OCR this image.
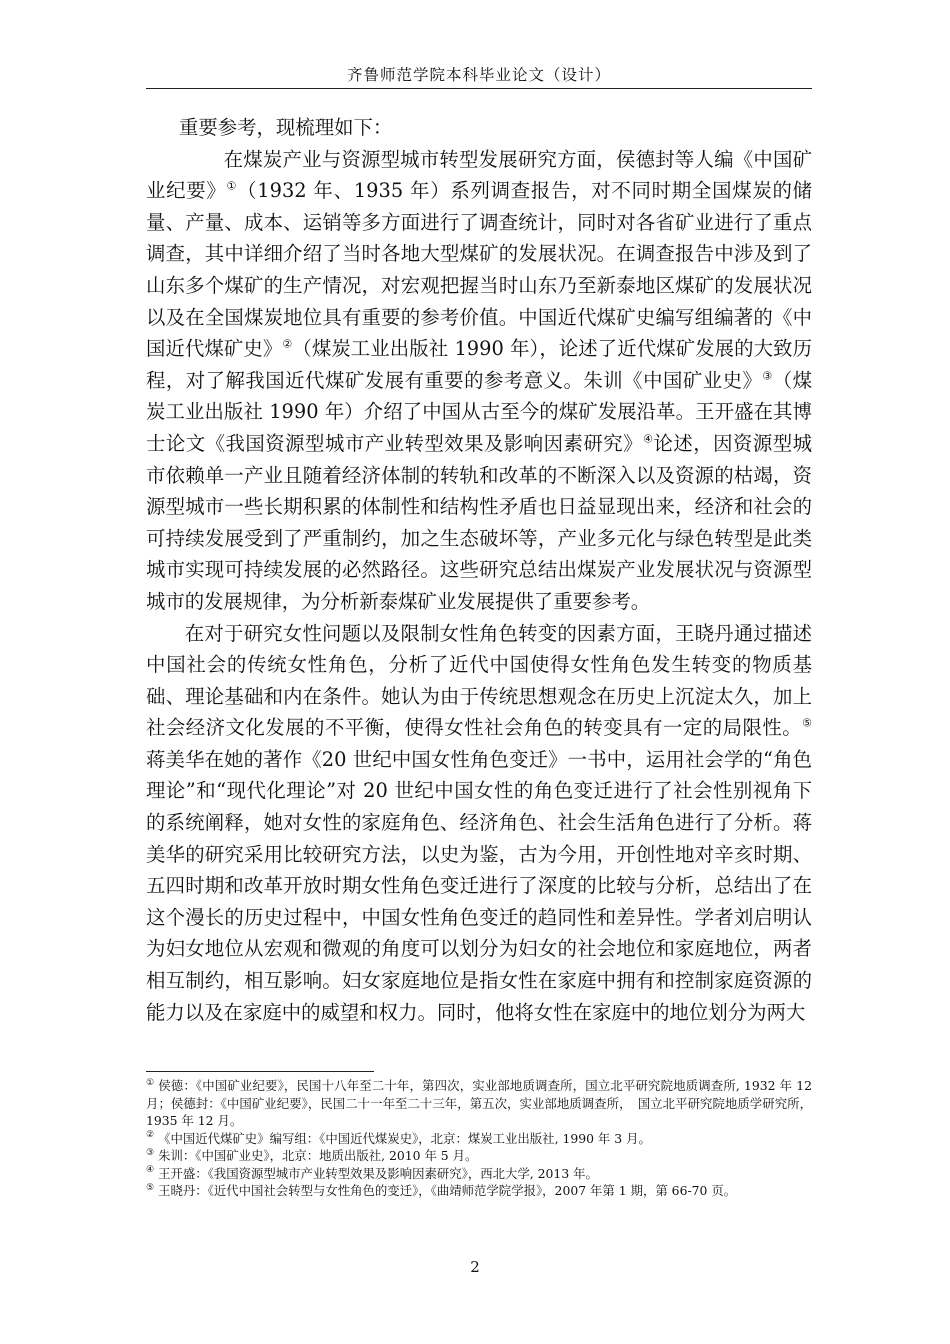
齐鲁师范学院本科毕业论文（设计）

重要参考，现梳理如下：

在煤炭产业与资源型城市转型发展研究方面，侯德封等人编《中国矿业纪要》①（1932 年、1935 年）系列调查报告，对不同时期全国煤炭的储量、产量、成本、运销等多方面进行了调查统计，同时对各省矿业进行了重点调查，其中详细介绍了当时各地大型煤矿的发展状况。在调查报告中涉及到了山东多个煤矿的生产情况，对宏观把握当时山东乃至新泰地区煤矿的发展状况以及在全国煤炭地位具有重要的参考价值。中国近代煤矿史编写组编著的《中国近代煤矿史》②（煤炭工业出版社 1990 年），论述了近代煤矿发展的大致历程，对了解我国近代煤矿发展有重要的参考意义。朱训《中国矿业史》③（煤炭工业出版社 1990 年）介绍了中国从古至今的煤矿发展沿革。王开盛在其博士论文《我国资源型城市产业转型效果及影响因素研究》④论述，因资源型城市依赖单一产业且随着经济体制的转轨和改革的不断深入以及资源的枯竭，资源型城市一些长期积累的体制性和结构性矛盾也日益显现出来，经济和社会的可持续发展受到了严重制约，加之生态破坏等，产业多元化与绿色转型是此类城市实现可持续发展的必然路径。这些研究总结出煤炭产业发展状况与资源型城市的发展规律，为分析新泰煤矿业发展提供了重要参考。

在对于研究女性问题以及限制女性角色转变的因素方面，王晓丹通过描述中国社会的传统女性角色，分析了近代中国使得女性角色发生转变的物质基础、理论基础和内在条件。她认为由于传统思想观念在历史上沉淀太久，加上社会经济文化发展的不平衡，使得女性社会角色的转变具有一定的局限性。⑤蒋美华在她的著作《20 世纪中国女性角色变迁》一书中，运用社会学的“角色理论”和“现代化理论”对 20 世纪中国女性的角色变迁进行了社会性别视角下的系统阐释，她对女性的家庭角色、经济角色、社会生活角色进行了分析。蒋美华的研究采用比较研究方法，以史为鉴，古为今用，开创性地对辛亥时期、五四时期和改革开放时期女性角色变迁进行了深度的比较与分析，总结出了在这个漫长的历史过程中，中国女性角色变迁的趋同性和差异性。学者刘启明认为妇女地位从宏观和微观的角度可以划分为妇女的社会地位和家庭地位，两者相互制约，相互影响。妇女家庭地位是指女性在家庭中拥有和控制家庭资源的能力以及在家庭中的威望和权力。同时，他将女性在家庭中的地位划分为两大

① 侯德：《中国矿业纪要》，民国十八年至二十年，第四次，实业部地质调查所，国立北平研究院地质调查所, 1932 年 12 月；侯德封：《中国矿业纪要》，民国二十一年至二十三年，第五次，实业部地质调查所，　国立北平研究院地质学研究所，1935 年 12 月。
② 《中国近代煤矿史》编写组：《中国近代煤炭史》，北京：煤炭工业出版社, 1990 年 3 月。
③ 朱训：《中国矿业史》，北京：地质出版社, 2010 年 5 月。
④ 王开盛：《我国资源型城市产业转型效果及影响因素研究》，西北大学, 2013 年。
⑤ 王晓丹：《近代中国社会转型与女性角色的变迁》，《曲靖师范学院学报》，2007 年第 1 期，第 66-70 页。
2
